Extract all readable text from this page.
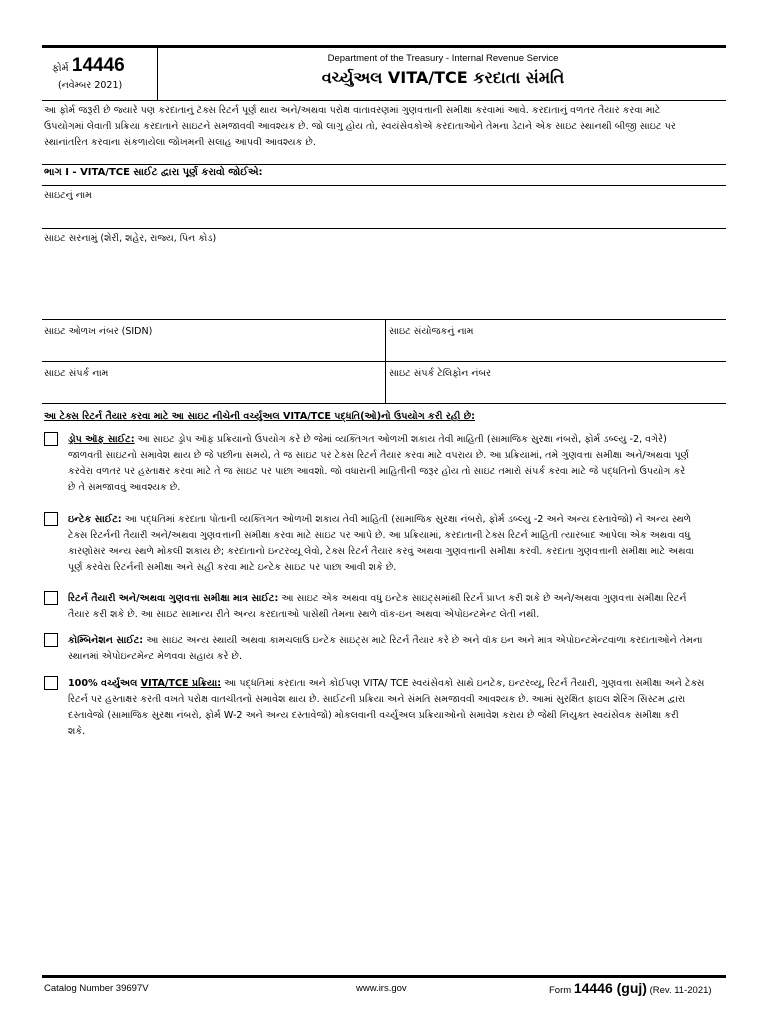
ફોર્મ 14446
(નવેમ્બર 2021)
Department of the Treasury - Internal Revenue Service
વર્ચ્યુઅલ VITA/TCE કરદાતા સંમતિ
આ ફોર્મ જરૂરી છે જ્યારે પણ કરદાતાનું ટૅક્સ રિટર્ન પૂર્ણ થાય અને/અથવા પરોક્ષ વાતાવરણમાં ગુણવત્તાની સમીક્ષા કરવામાં આવે. કરદાતાનું વળતર તૈયાર કરવા માટે
ઉપયોગમાં લેવાતી પ્રક્રિયા કરદાતાને સાઇટને સમજાવવી આવશ્યક છે. જો લાગુ હોય તો, સ્વયંસેવકોએ કરદાતાઓને તેમના ડેટાને એક સાઇટ સ્થાનથી બીજી સાઇટ પર
સ્થાનાંતરિત કરવાના સંકળાયેલા જોખમની સલાહ આપવી આવશ્યક છે.
ભાગ I - VITA/TCE સાઈટ દ્વારા પૂર્ણ કરાવો જોઈએ:
સાઇટનું નામ
સાઇટ સરનામું (શેરી, શહેર, રાજ્ય, પિન કોડ)
સાઇટ ઓળખ નંબર (SIDN)	સાઇટ સંયોજકનું નામ
સાઇટ સંપર્ક નામ	સાઇટ સંપર્ક ટેલિફોન નંબર
આ ટેક્સ રિટર્ન તૈયાર કરવા માટે આ સાઇટ નીચેની વર્ચ્યુઅલ VITA/TCE પદ્ધતિ(ઓ)નો ઉપયોગ કરી રહી છે:
ડ્રોપ ઑફ સાઈટ: આ સાઇટ ડ્રોપ ઑફ પ્રક્રિયાનો ઉપયોગ કરે છે જેમાં વ્યક્તિગત ઓળખી શકાય તેવી માહિતી (સામાજિક સુરક્ષા નંબરો, ફોર્મ ડબ્લ્યુ -2, વગેરે)
જાળવતી સાઇટનો સમાવેશ થાય છે જે પછીના સમયે, તે જ સાઇટ પર ટેક્સ રિટર્ન તૈયાર કરવા માટે વપરાય છે. આ પ્રક્રિયામાં, તમે ગુણવત્તા સમીક્ષા અને/અથવા પૂર્ણ
કરવેરા વળતર પર હસ્તાક્ષર કરવા માટે તે જ સાઇટ પર પાછા આવશો. જો વધારાની માહિતીની જરૂર હોય તો સાઇટ તમારો સંપર્ક કરવા માટે જે પદ્ધતિનો ઉપયોગ કરે
છે તે સમજાવવું આવશ્યક છે.
ઇન્ટેક સાઈટ: આ પદ્ધતિમાં કરદાતા પોતાની વ્યક્તિગત ઓળખી શકાય તેવી માહિતી (સામાજિક સુરક્ષા નંબરો, ફોર્મ ડબ્લ્યુ -2 અને અન્ય દસ્તાવેજો) ને અન્ય સ્થળે
ટેક્સ રિટર્નની તૈયારી અને/અથવા ગુણવત્તાની સમીક્ષા કરવા માટે સાઇટ પર આપે છે. આ પ્રક્રિયામાં, કરદાતાની ટેક્સ રિટર્ન માહિતી ત્યારબાદ આપેલા એક અથવા વધુ
કારણોસર અન્ય સ્થળે મોકલી શકાય છે; કરદાતાનો ઇન્ટરવ્યૂ લેવો, ટેક્સ રિટર્ન તૈયાર કરવું અથવા ગુણવત્તાની સમીક્ષા કરવી. કરદાતા ગુણવત્તાની સમીક્ષા માટે અથવા
પૂર્ણ કરવેરા રિટર્નની સમીક્ષા અને સહી કરવા માટે ઇન્ટેક સાઇટ પર પાછા આવી શકે છે.
રિટર્ન તૈયારી અને/અથવા ગુણવત્તા સમીક્ષા માત્ર સાઈટ: આ સાઇટ એક અથવા વધુ ઇન્ટેક સાઇટ્સમાંથી રિટર્ન પ્રાપ્ત કરી શકે છે અને/અથવા ગુણવત્તા સમીક્ષા રિટર્ન
તૈયાર કરી શકે છે. આ સાઇટ સામાન્ય રીતે અન્ય કરદાતાઓ પાસેથી તેમના સ્થળે વૉક-ઇન અથવા એપોઇન્ટમેન્ટ લેતી નથી.
કોમ્બિનેશન સાઈટ: આ સાઇટ અન્ય સ્થાયી અથવા કામચલાઉ ઇન્ટેક સાઇટ્સ માટે રિટર્ન તૈયાર કરે છે અને વૉક ઇન અને માત્ર એપોઇન્ટમેન્ટવાળા કરદાતાઓને તેમના
સ્થાનમાં એપોઇન્ટમેન્ટ મેળવવા સહાય કરે છે.
100% વર્ચ્યુઅલ VITA/TCE પ્રક્રિયા: આ પદ્ધતિમાં કરદાતા અને કોઈપણ VITA/ TCE સ્વયંસેવકો સાથે ઇનટેક, ઇન્ટરવ્યૂ, રિટર્ન તૈયારી, ગુણવત્તા સમીક્ષા અને ટેક્સ
રિટર્ન પર હસ્તાક્ષર કરતી વખતે પરોક્ષ વાતચીતનો સમાવેશ થાય છે. સાઈટની પ્રક્રિયા અને સંમતિ સમજાવવી આવશ્યક છે. આમાં સુરક્ષિત ફાઇલ શેરિંગ સિસ્ટમ દ્વારા
દસ્તાવેજો (સામાજિક સુરક્ષા નંબરો, ફોર્મ W-2 અને અન્ય દસ્તાવેજો) મોકલવાની વર્ચ્યુઅલ પ્રક્રિયાઓનો સમાવેશ કરાય છે જેથી નિયુક્ત સ્વયંસેવક સમીક્ષા કરી
શકે.
Catalog Number 39697V	www.irs.gov	Form 14446 (guj) (Rev. 11-2021)
